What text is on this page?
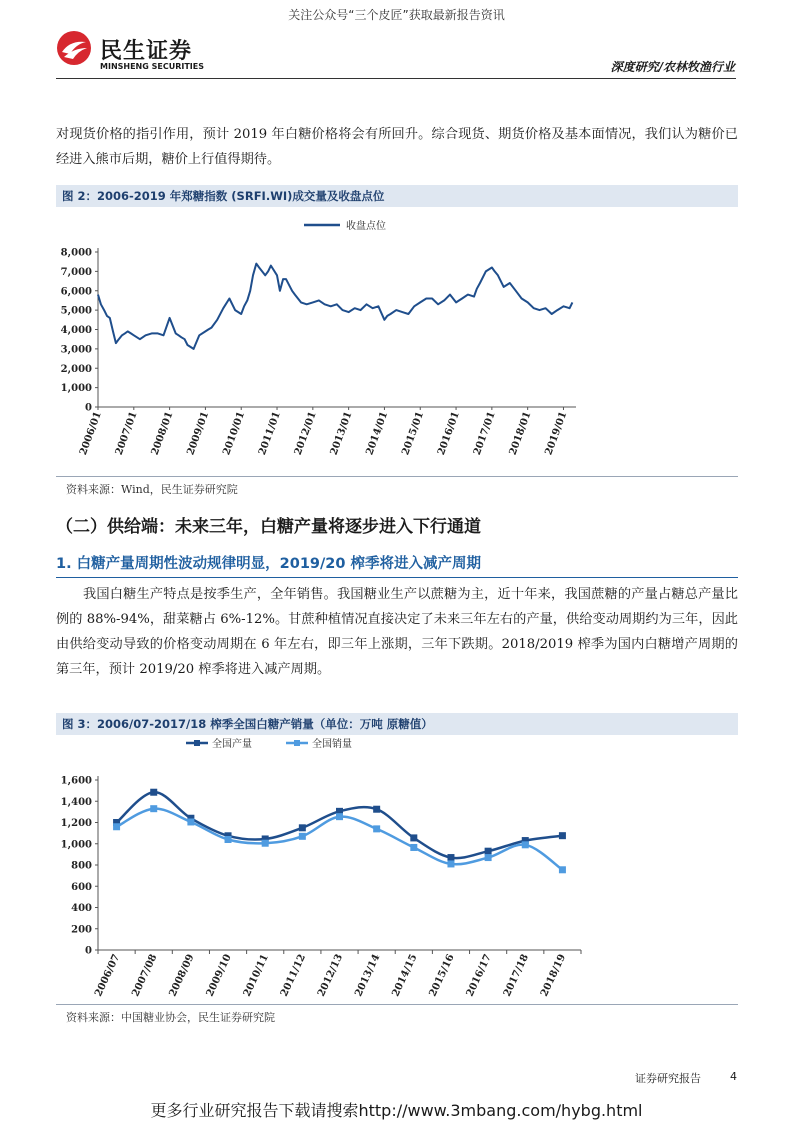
关注公众号“三个皮匠”获取最新报告资讯
民生证券
MINSHENG SECURITIES	深度研究/农林牧渔行业
对现货价格的指引作用，预计 2019 年白糖价格将会有所回升。综合现货、期货价格及基本面情况，我们认为糖价已经进入熊市后期，糖价上行值得期待。
图 2：2006-2019 年郑糖指数 (SRFI.WI)成交量及收盘点位
收盘点位
0
1,000
2,000
3,000
4,000
5,000
6,000
7,000
8,000
2006/01 2007/01 2008/01 2009/01 2010/01 2011/01 2012/01 2013/01 2014/01 2015/01 2016/01 2017/01 2018/01 2019/01
资料来源：Wind，民生证券研究院
（二）供给端：未来三年，白糖产量将逐步进入下行通道
1. 白糖产量周期性波动规律明显，2019/20 榨季将进入减产周期
我国白糖生产特点是按季生产，全年销售。我国糖业生产以蔗糖为主，近十年来，我国蔗糖的产量占糖总产量比例的 88%-94%，甜菜糖占 6%-12%。甘蔗种植情况直接决定了未来三年左右的产量，供给变动周期约为三年，因此由供给变动导致的价格变动周期在 6 年左右，即三年上涨期，三年下跌期。2018/2019 榨季为国内白糖增产周期的第三年，预计 2019/20 榨季将进入减产周期。
图 3：2006/07-2017/18 榨季全国白糖产销量（单位：万吨 原糖值）
全国产量	全国销量
0
200
400
600
800
1,000
1,200
1,400
1,600
2006/07 2007/08 2008/09 2009/10 2010/11 2011/12 2012/13 2013/14 2014/15 2015/16 2016/17 2017/18 2018/19
资料来源：中国糖业协会，民生证券研究院
证券研究报告	4
更多行业研究报告下载请搜索http://www.3mbang.com/hybg.html
